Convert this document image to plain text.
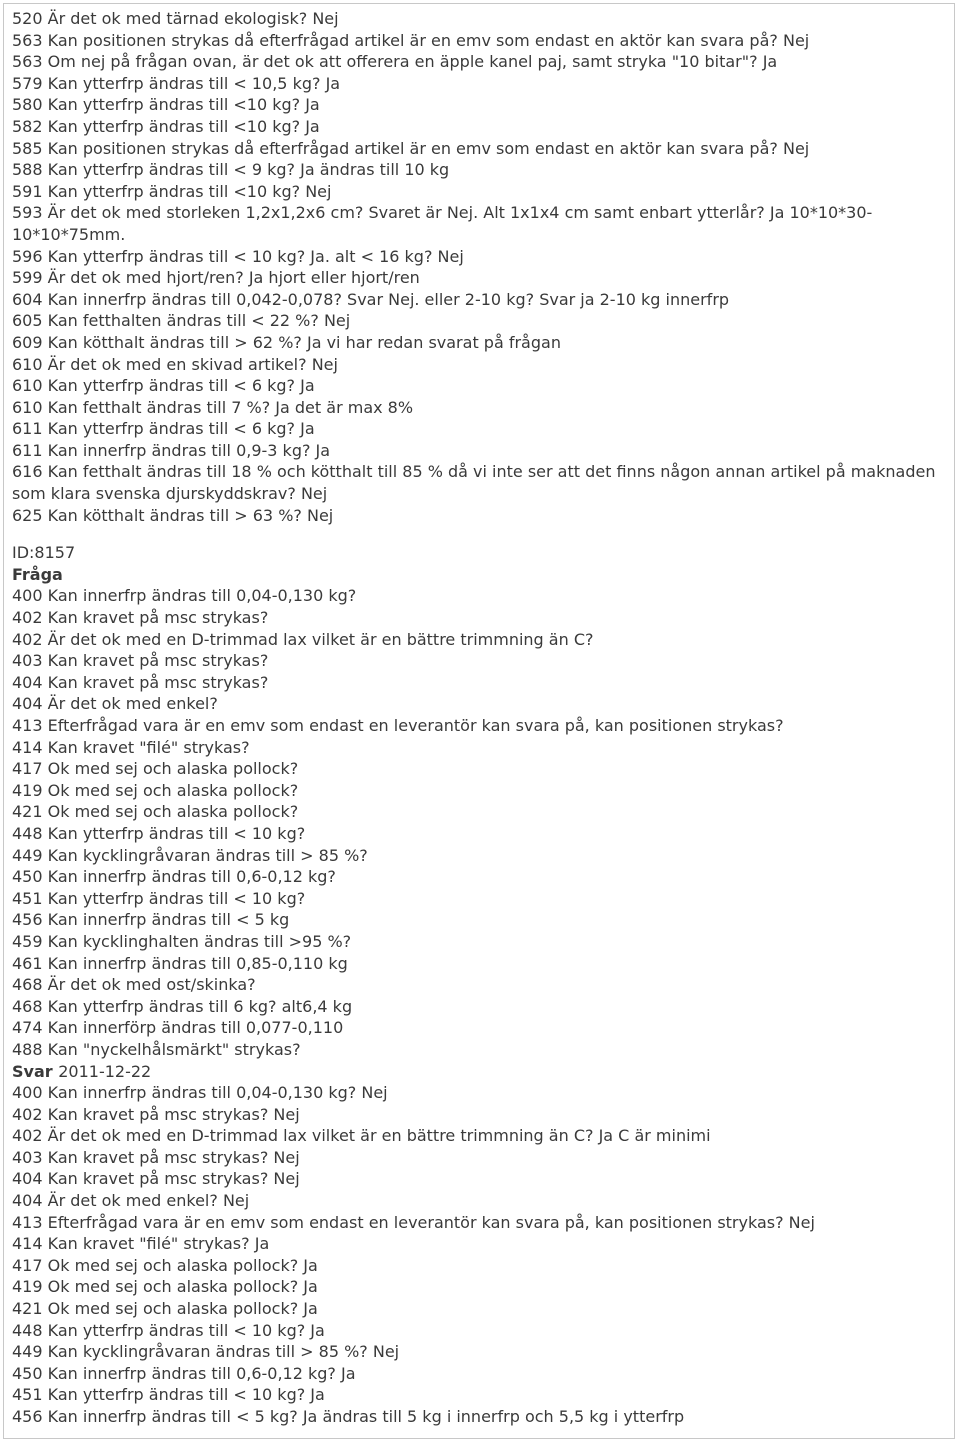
520 Är det ok med tärnad ekologisk? Nej
563 Kan positionen strykas då efterfrågad artikel är en emv som endast en aktör kan svara på? Nej
563 Om nej på frågan ovan, är det ok att offerera en äpple kanel paj, samt stryka "10 bitar"? Ja
579 Kan ytterfrp ändras till < 10,5 kg? Ja
580 Kan ytterfrp ändras till <10 kg? Ja
582 Kan ytterfrp ändras till <10 kg? Ja
585 Kan positionen strykas då efterfrågad artikel är en emv som endast en aktör kan svara på? Nej
588 Kan ytterfrp ändras till < 9 kg? Ja ändras till 10 kg
591 Kan ytterfrp ändras till <10 kg? Nej
593 Är det ok med storleken 1,2x1,2x6 cm? Svaret är Nej. Alt 1x1x4 cm samt enbart ytterlår? Ja 10*10*30-10*10*75mm.
596 Kan ytterfrp ändras till < 10 kg? Ja. alt < 16 kg? Nej
599 Är det ok med hjort/ren? Ja hjort eller hjort/ren
604 Kan innerfrp ändras till 0,042-0,078? Svar Nej. eller 2-10 kg? Svar ja 2-10 kg innerfrp
605 Kan fetthalten ändras till < 22 %? Nej
609 Kan kötthalt ändras till > 62 %? Ja vi har redan svarat på frågan
610 Är det ok med en skivad artikel? Nej
610 Kan ytterfrp ändras till < 6 kg? Ja
610 Kan fetthalt ändras till 7 %? Ja det är max 8%
611 Kan ytterfrp ändras till < 6 kg? Ja
611 Kan innerfrp ändras till 0,9-3 kg? Ja
616 Kan fetthalt ändras till 18 % och kötthalt till 85 % då vi inte ser att det finns någon annan artikel på maknaden som klara svenska djurskyddskrav? Nej
625 Kan kötthalt ändras till > 63 %? Nej
ID:8157
Fråga
400 Kan innerfrp ändras till 0,04-0,130 kg?
402 Kan kravet på msc strykas?
402 Är det ok med en D-trimmad lax vilket är en bättre trimmning än C?
403 Kan kravet på msc strykas?
404 Kan kravet på msc strykas?
404 Är det ok med enkel?
413 Efterfrågad vara är en emv som endast en leverantör kan svara på, kan positionen strykas?
414 Kan kravet "filé" strykas?
417 Ok med sej och alaska pollock?
419 Ok med sej och alaska pollock?
421 Ok med sej och alaska pollock?
448 Kan ytterfrp ändras till < 10 kg?
449 Kan kycklingråvaran ändras till > 85 %?
450 Kan innerfrp ändras till 0,6-0,12 kg?
451 Kan ytterfrp ändras till < 10 kg?
456 Kan innerfrp ändras till < 5 kg
459 Kan kycklinghalten ändras till >95 %?
461 Kan innerfrp ändras till 0,85-0,110 kg
468 Är det ok med ost/skinka?
468 Kan ytterfrp ändras till 6 kg? alt6,4 kg
474 Kan innerförp ändras till 0,077-0,110
488 Kan "nyckelhålsmärkt" strykas?
Svar 2011-12-22
400 Kan innerfrp ändras till 0,04-0,130 kg? Nej
402 Kan kravet på msc strykas? Nej
402 Är det ok med en D-trimmad lax vilket är en bättre trimmning än C? Ja C är minimi
403 Kan kravet på msc strykas? Nej
404 Kan kravet på msc strykas? Nej
404 Är det ok med enkel? Nej
413 Efterfrågad vara är en emv som endast en leverantör kan svara på, kan positionen strykas? Nej
414 Kan kravet "filé" strykas? Ja
417 Ok med sej och alaska pollock? Ja
419 Ok med sej och alaska pollock? Ja
421 Ok med sej och alaska pollock? Ja
448 Kan ytterfrp ändras till < 10 kg? Ja
449 Kan kycklingråvaran ändras till > 85 %? Nej
450 Kan innerfrp ändras till 0,6-0,12 kg? Ja
451 Kan ytterfrp ändras till < 10 kg? Ja
456 Kan innerfrp ändras till < 5 kg? Ja ändras till 5 kg i innerfrp och 5,5 kg i ytterfrp
